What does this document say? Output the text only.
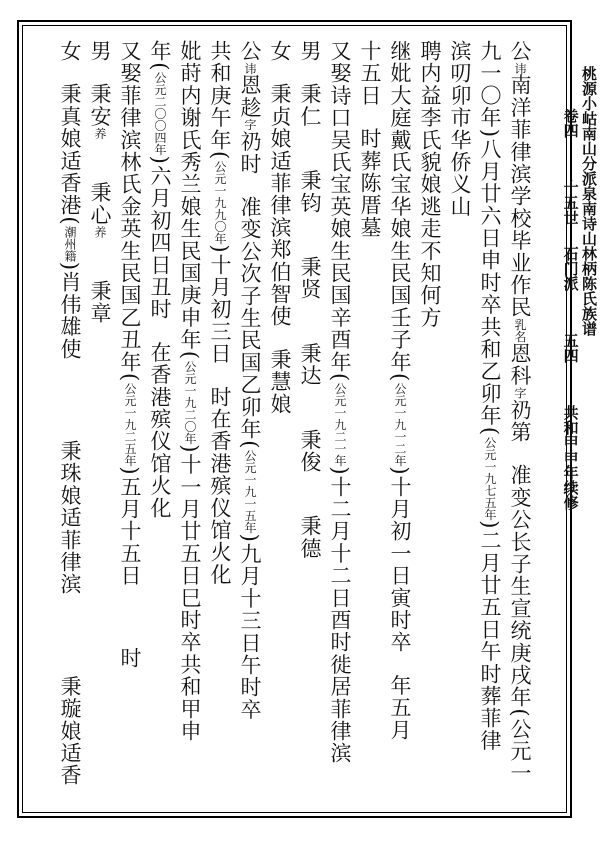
桃源小岵南山分派泉南诗山林柄陈氏族谱
卷四十五世石门派五四共和甲申年续修
公讳南洋菲律滨学校毕业作民乳名恩科字礽第准变公长子生宣统庚戌年(公元一
九一〇年)八月廿六日申时卒共和乙卯年(公元一九七五年)二月廿五日午时葬菲律
滨叨卯市华侨义山
聘内益李氏貌娘逃走不知何方
继妣大庭戴氏宝华娘生民国壬子年(公元一九一二年)十月初一日寅时卒年五月
十五日时葬陈厝墓
又娶诗口吴氏宝英娘生民国辛酉年(公元一九二一年)十二月十二日酉时徙居菲律滨
男秉仁秉钧秉贤秉达秉俊秉德
女秉贞娘适菲律滨郑伯智使秉慧娘
公讳恩趁字礽时准变公次子生民国乙卯年(公元一九一五年)九月十三日午时卒
共和庚午年(公元一九九〇年)十月初三日时在香港殡仪馆火化
妣莳内谢氏秀兰娘生民国庚申年(公元一九二〇年)十一月廿五日巳时卒共和甲申
年(公元二〇〇四年)六月初四日丑时在香港殡仪馆火化
又娶菲律滨林氏金英生民国乙丑年(公元一九二五年)五月十五日时
男秉安养秉心养秉章
女秉真娘适香港(潮州籍)肖伟雄使秉珠娘适菲律滨秉璇娘适香
